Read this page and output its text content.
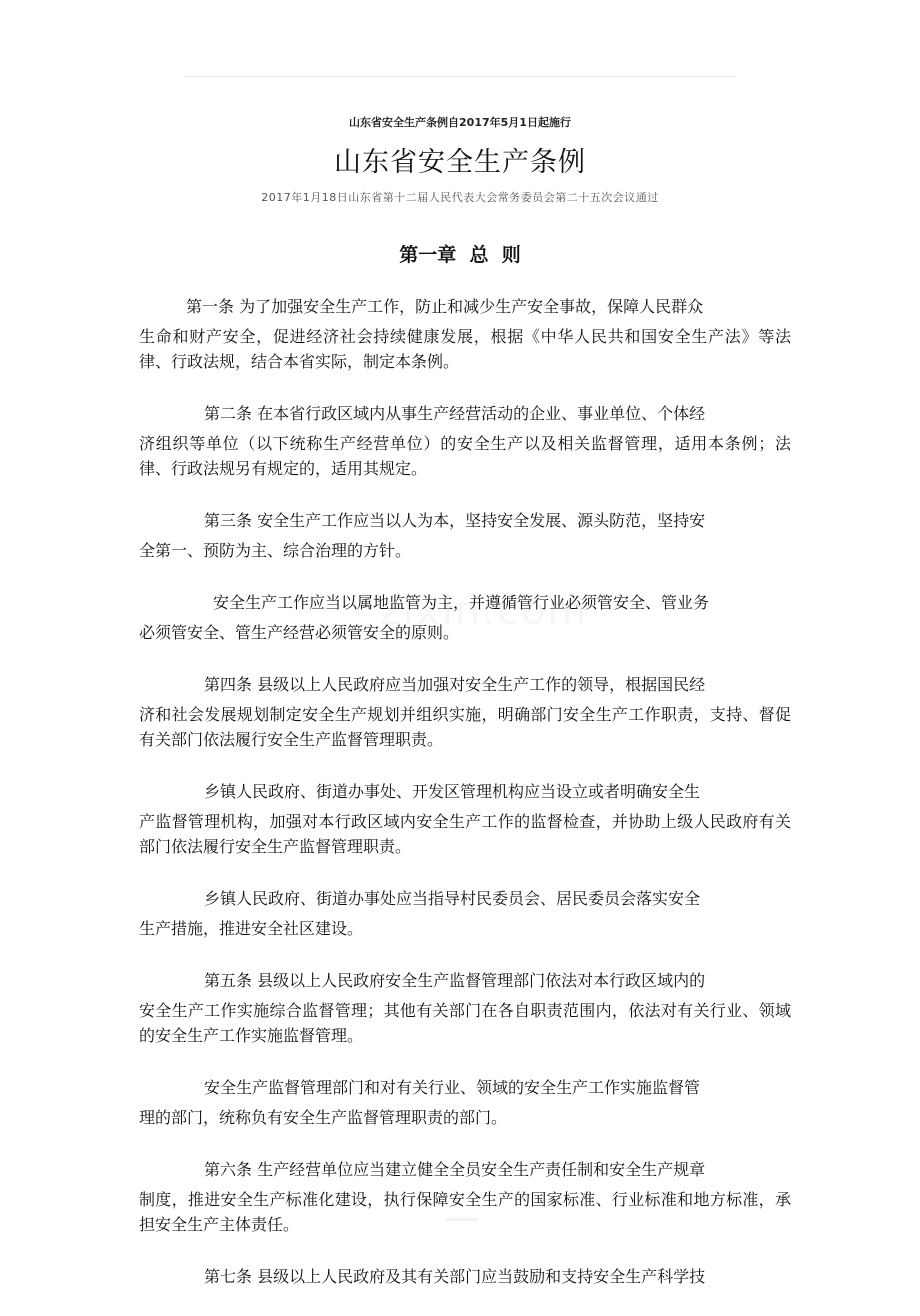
山东省安全生产条例自2017年5月1日起施行
山东省安全生产条例
2017年1月18日山东省第十二届人民代表大会常务委员会第二十五次会议通过
第一章  总  则
第一条 为了加强安全生产工作，防止和减少生产安全事故，保障人民群众
生命和财产安全，促进经济社会持续健康发展，根据《中华人民共和国安全生产法》等法律、行政法规，结合本省实际，制定本条例。
第二条 在本省行政区域内从事生产经营活动的企业、事业单位、个体经
济组织等单位（以下统称生产经营单位）的安全生产以及相关监督管理，适用本条例；法律、行政法规另有规定的，适用其规定。
第三条 安全生产工作应当以人为本，坚持安全发展、源头防范，坚持安
全第一、预防为主、综合治理的方针。
安全生产工作应当以属地监管为主，并遵循管行业必须管安全、管业务
必须管安全、管生产经营必须管安全的原则。
第四条 县级以上人民政府应当加强对安全生产工作的领导，根据国民经
济和社会发展规划制定安全生产规划并组织实施，明确部门安全生产工作职责，支持、督促有关部门依法履行安全生产监督管理职责。
乡镇人民政府、街道办事处、开发区管理机构应当设立或者明确安全生
产监督管理机构，加强对本行政区域内安全生产工作的监督检查，并协助上级人民政府有关部门依法履行安全生产监督管理职责。
乡镇人民政府、街道办事处应当指导村民委员会、居民委员会落实安全
生产措施，推进安全社区建设。
第五条 县级以上人民政府安全生产监督管理部门依法对本行政区域内的
安全生产工作实施综合监督管理；其他有关部门在各自职责范围内，依法对有关行业、领域的安全生产工作实施监督管理。
安全生产监督管理部门和对有关行业、领域的安全生产工作实施监督管
理的部门，统称负有安全生产监督管理职责的部门。
第六条 生产经营单位应当建立健全全员安全生产责任制和安全生产规章
制度，推进安全生产标准化建设，执行保障安全生产的国家标准、行业标准和地方标准，承担安全生产主体责任。
第七条 县级以上人民政府及其有关部门应当鼓励和支持安全生产科学技
